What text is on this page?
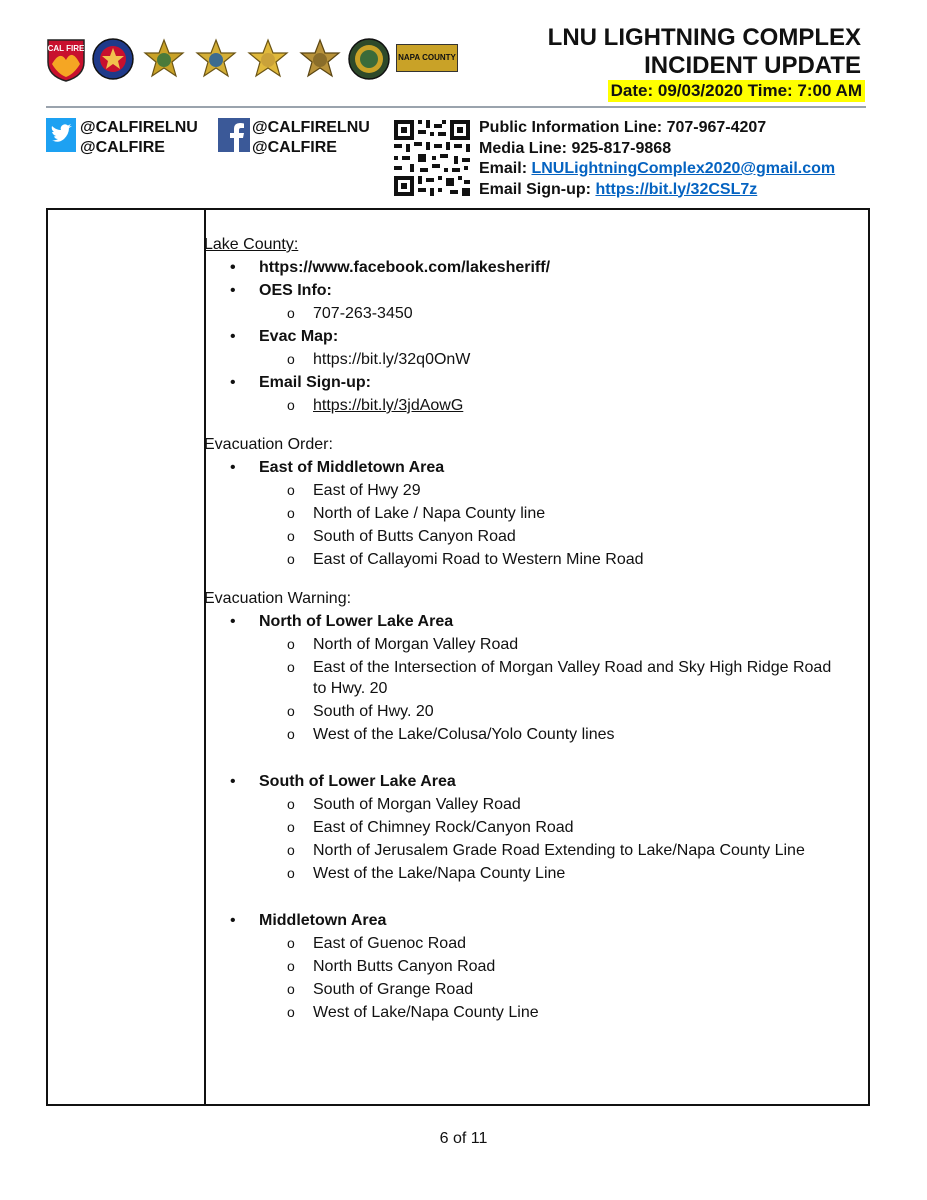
CAL FIRE
NAPA COUNTY
LNU LIGHTNING COMPLEX
INCIDENT UPDATE
Date: 09/03/2020 Time: 7:00 AM
@CALFIRELNU
@CALFIRE
@CALFIRELNU
@CALFIRE
Public Information Line: 707-967-4207
Media Line: 925-817-9868
Email: LNULightningComplex2020@gmail.com
Email Sign-up: https://bit.ly/32CSL7z

Lake County:

• https://www.facebook.com/lakesheriff/
• OES Info:
o 707-263-3450
• Evac Map:
o https://bit.ly/32q0OnW
• Email Sign-up:
o https://bit.ly/3jdAowG

Evacuation Order:

• East of Middletown Area
o East of Hwy 29
o North of Lake / Napa County line
o South of Butts Canyon Road
o East of Callayomi Road to Western Mine Road

Evacuation Warning:

• North of Lower Lake Area
o North of Morgan Valley Road
o East of the Intersection of Morgan Valley Road and Sky High Ridge Road to Hwy. 20
o South of Hwy. 20
o West of the Lake/Colusa/Yolo County lines
• South of Lower Lake Area
o South of Morgan Valley Road
o East of Chimney Rock/Canyon Road
o North of Jerusalem Grade Road Extending to Lake/Napa County Line
o West of the Lake/Napa County Line
• Middletown Area
o East of Guenoc Road
o North Butts Canyon Road
o South of Grange Road
o West of Lake/Napa County Line
6 of 11
